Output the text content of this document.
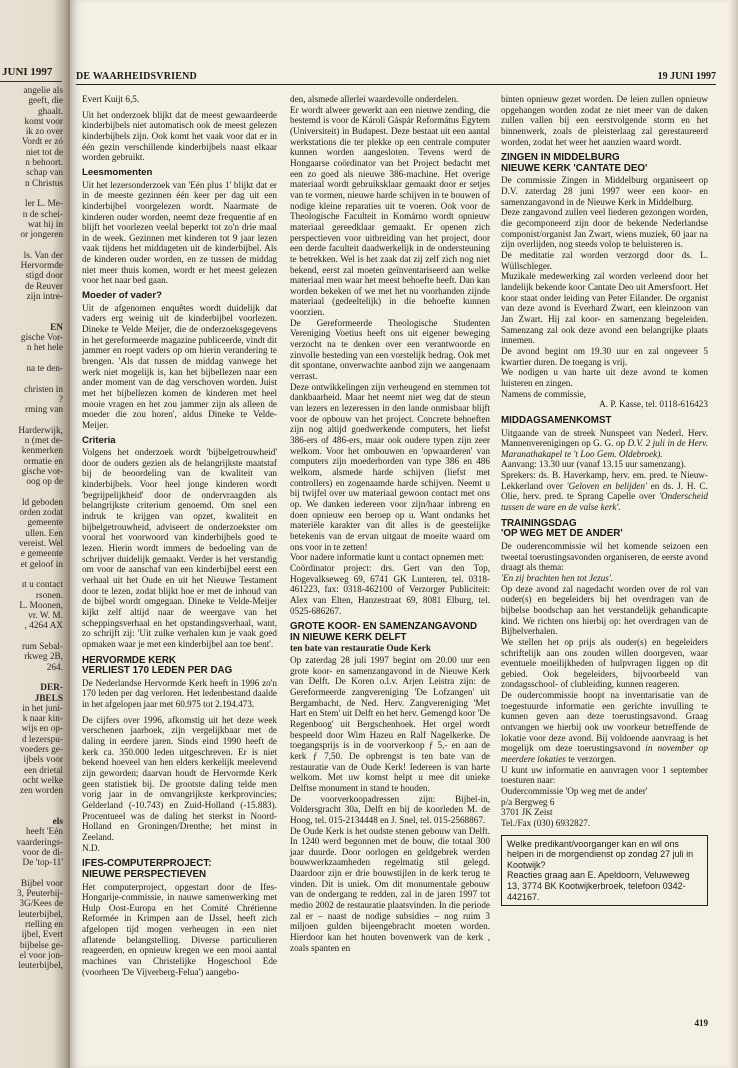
JUNI 1997
angelie als
geeft, die
ghaalt.
komt voor
ik zo over
Vordt er zó
niet tot de
n behoort.
schap van
n Christus

ler L. Me-
n de schei-
wat hij in
or jongeren

ls. Van der
Hervormde
stigd door
de Reuver
zijn intre-

EN
gische Vor-
n het hele

na te den-

christen in
?
rming van

Harderwijk,
n (met de-
kenmerken
ormatie en
gische vor-
oog op de

ld geboden
orden zodat
gemeente
ullen. Een
vereist. Wel
e gemeente
et geloof in

ıt u contact
rsonen.
L. Moonen,
vr. W. M.
, 4264 AX

rum Sebal-
rkweg 2B,
264.

DER-
JBELS
in het juni-
k naar kin-
wijs en op-
d lezerspu-
voeders ge-
ijbels voor
een drietal
ocht welke
zen worden

els
heeft 'Eén
vaarderings-
voor de di-
De 'top-11'

Bijbel voor
3, Peuterbij-
3G/Kees de
leuterbijbel,
rtelling en
ijbel, Evert
bijbelse ge-
el voor jon-
leuterbijbel,
DE WAARHEIDSVRIEND	19 JUNI 1997

Evert Kuijt 6,5.

Uit het onderzoek blijkt dat de meest gewaardeerde kinderbijbels niet automatisch ook de meest gelezen kinderbijbels zijn. Ook komt het vaak voor dat er in één gezin verschillende kinderbijbels naast elkaar worden gebruikt.

Leesmomenten

Uit het lezersonderzoek van 'Eén plus 1' blijkt dat er in de meeste gezinnen één keer per dag uit een kinderbijbel voorgelezen wordt. Naarmate de kinderen ouder worden, neemt deze frequentie af en blijft het voorlezen veelal beperkt tot zo'n drie maal in de week. Gezinnen met kinderen tot 9 jaar lezen vaak tijdens het middageten uit de kinderbijbel. Als de kinderen ouder worden, en ze tussen de middag niet meer thuis komen, wordt er het meest gelezen voor het naar bed gaan.

Moeder of vader?

Uit de afgenomen enquêtes wordt duidelijk dat vaders erg weinig uit de kinderbijbel voorlezen. Dineke te Velde Meijer, die de onderzoeksgegevens in het gereformeerde magazine publiceerde, vindt dit jammer en roept vaders op om hierin verandering te brengen. 'Als dat tussen de middag vanwege het werk niet mogelijk is, kan het bijbellezen naar een ander moment van de dag verschoven worden. Juist met het bijbellezen komen de kinderen met heel mooie vragen en het zou jammer zijn als alleen de moeder die zou horen', aldus Dineke te Velde-Meijer.

Criteria

Volgens het onderzoek wordt 'bijbelgetrouwheid' door de ouders gezien als de belangrijkste maatstaf bij de beoordeling van de kwaliteit van kinderbijbels. Voor heel jonge kinderen wordt 'begrijpelijkheid' door de ondervraagden als belangrijkste criterium genoemd. Om snel een indruk te krijgen van opzet, kwaliteit en bijbelgetrouwheid, adviseert de onderzoekster om vooral het voorwoord van kinderbijbels goed te lezen. Hierin wordt immers de bedoeling van de schrijver duidelijk gemaakt. Verder is het verstandig om voor de aanschaf van een kinderbijbel eerst een verhaal uit het Oude en uit het Nieuwe Testament door te lezen, zodat blijkt hoe er met de inhoud van de bijbel wordt omgegaan. Dineke te Velde-Meijer kijkt zelf altijd naar de weergave van het scheppingsverhaal en het opstandingsverhaal, want, zo schrijft zij: 'Uit zulke verhalen kun je vaak goed opmaken waar je met een kinderbijbel aan toe bent'.

HERVORMDE KERK
VERLIEST 170 LEDEN PER DAG

De Nederlandse Hervormde Kerk heeft in 1996 zo'n 170 leden per dag verloren. Het ledenbestand daalde in het afgelopen jaar met 60.975 tot 2.194.473.

De cijfers over 1996, afkomstig uit het deze week verschenen jaarboek, zijn vergelijkbaar met de daling in eerdere jaren. Sinds eind 1990 heeft de kerk ca. 350.000 leden uitgeschreven. Er is niet bekend hoeveel van hen elders kerkelijk meelevend zijn geworden; daarvan houdt de Hervormde Kerk geen statistiek bij. De grootste daling telde men vorig jaar in de omvangrijkste kerkprovincies; Gelderland (-10.743) en Zuid-Holland (-15.883). Procentueel was de daling het sterkst in Noord-Holland en Groningen/Drenthe; het minst in Zeeland.

N.D.

IFES-COMPUTERPROJECT:
NIEUWE PERSPECTIEVEN

Het computerproject, opgestart door de Ifes-Hongarije-commissie, in nauwe samenwerking met Hulp Oost-Europa en het Comité Chrétienne Reformée in Krimpen aan de IJssel, heeft zich afgelopen tijd mogen verheugen in een niet aflatende belangstelling. Diverse particulieren reageerden, en opnieuw kregen we een mooi aantal machines van Christelijke Hogeschool Ede (voorheen 'De Vijverberg-Felua') aangebo-

den, alsmede allerlei waardevolle onderdelen.

Er wordt alweer gewerkt aan een nieuwe zending, die bestemd is voor de Károli Gáspár Református Egytem (Universiteit) in Budapest. Deze bestaat uit een aantal werkstations die ter plekke op een centrale computer kunnen worden aangesloten. Tevens werd de Hongaarse coördinator van het Project bedacht met een zo goed als nieuwe 386-machine. Het overige materiaal wordt gebruiksklaar gemaakt door er setjes van te vormen, nieuwe harde schijven in te bouwen of nodige kleine reparaties uit te voeren. Ook voor de Theologische Faculteit in Komárno wordt opnieuw materiaal gereedklaar gemaakt. Er openen zich perspectieven voor uitbreiding van het project, door een derde faculteit daadwerkelijk in de ondersteuning te betrekken. Wel is het zaak dat zij zelf zich nog niet bekend, eerst zal moeten geïnventariseerd aan welke materiaal men waar het meest behoefte heeft. Dan kan worden bekeken of we met het nu voorhanden zijnde materiaal (gedeeltelijk) in die behoefte kunnen voorzien.

De Gereformeerde Theologische Studenten Vereniging Voetius heeft ons uit eigener beweging verzocht na te denken over een verantwoorde en zinvolle besteding van een vorstelijk bedrag. Ook met dit spontane, onverwachte aanbod zijn we aangenaam verrast.

Deze ontwikkelingen zijn verheugend en stemmen tot dankbaarheid. Maar het neemt niet weg dat de steun van lezers en lezeressen in den lande onmisbaar blijft voor de opbouw van het project. Concrete behoeften zijn nog altijd goedwerkende computers, het liefst 386-ers of 486-ers, maar ook oudere typen zijn zeer welkom. Voor het ombouwen en 'opwaarderen' van computers zijn moederborden van type 386 en 486 welkom, alsmede harde schijven (liefst met controllers) en zogenaamde harde schijven. Neemt u bij twijfel over uw materiaal gewoon contact met ons op. We danken iedereen voor zijn/haar inbreng en doen opnieuw een beroep op u. Want ondanks het materiële karakter van dit alles is de geestelijke betekenis van de ervan uitgaat de moeite waard om ons voor in te zetten!

Voor nadere informatie kunt u contact opnemen met:

Coördinator project: drs. Gert van den Top, Hogevalkseweg 69, 6741 GK Lunteren, tel. 0318-461223, fax: 0318-462100 of Verzorger Publiciteit: Alex van Elten, Hanzestraat 69, 8081 Elburg, tel. 0525-686267.

GROTE KOOR- EN SAMENZANGAVOND
IN NIEUWE KERK DELFT

ten bate van restauratie Oude Kerk

Op zaterdag 28 juli 1997 begint om 20.00 uur een grote koor- en samenzangavond in de Nieuwe Kerk van Delft. De Koren o.l.v. Arjen Leistra zijn: de Gereformeerde zangvereniging 'De Lofzangen' uit Bergambacht, de Ned. Herv. Zangvereniging 'Met Hart en Stem' uit Delft en het herv. Gemengd koor 'De Regenboog' uit Bergschenhoek. Het orgel wordt bespeeld door Wim Hazeu en Ralf Nagelkerke. De toegangsprijs is in de voorverkoop ƒ 5,- en aan de kerk ƒ 7,50. De opbrengst is ten bate van de restauratie van de Oude Kerk! Iedereen is van harte welkom. Met uw komst helpt u mee dit unieke Delftse monument in stand te houden.

De voorverkoopadressen zijn: Bijbel-in, Voldersgracht 30a, Delft en bij de koorleden M. de Hoog, tel. 015-2134448 en J. Snel, tel. 015-2568867.

De Oude Kerk is het oudste stenen gebouw van Delft. In 1240 werd begonnen met de bouw, die totaal 300 jaar duurde. Door oorlogen en geldgebrek werden bouwwerkzaamheden regelmatig stil gelegd. Daardoor zijn er drie bouwstijlen in de kerk terug te vinden. Dit is uniek. Om dit monumentale gebouw van de ondergang te redden, zal in de jaren 1997 tot medio 2002 de restauratie plaatsvinden. In die periode zal er – naast de nodige subsidies – nog ruim 3 miljoen gulden bijeengebracht moeten worden. Hierdoor kan het houten bovenwerk van de kerk , zoals spanten en

binten opnieuw gezet worden. De leien zullen opnieuw opgehangen worden zodat ze niet meer van de daken zullen vallen bij een eerstvolgende storm en het binnenwerk, zoals de pleisterlaag zal gerestaureerd worden, zodat het weer het aanzien waard wordt.

ZINGEN IN MIDDELBURG
NIEUWE KERK 'CANTATE DEO'

De commissie Zingen in Middelburg organiseert op D.V. zaterdag 28 juni 1997 weer een koor- en samenzangavond in de Nieuwe Kerk in Middelburg.

Deze zangavond zullen veel liederen gezongen worden, die gecomponeerd zijn door de bekende Nederlandse componist/organist Jan Zwart, wiens muziek, 60 jaar na zijn overlijden, nog steeds volop te beluisteren is.

De meditatie zal worden verzorgd door ds. L. Wüllschleger.

Muzikale medewerking zal worden verleend door het landelijk bekende koor Cantate Deo uit Amersfoort. Het koor staat onder leiding van Peter Eilander. De organist van deze avond is Everhard Zwart, een kleinzoon van Jan Zwart. Hij zal koor- en samenzang begeleiden. Samenzang zal ook deze avond een belangrijke plaats innemen.

De avond begint om 19.30 uur en zal ongeveer 5 kwartier duren. De toegang is vrij.

We nodigen u van harte uit deze avond te komen luisteren en zingen.

Namens de commissie,

A. P. Kasse, tel. 0118-616423

MIDDAGSAMENKOMST

Uitgaande van de streek Nunspeet van Nederl. Herv. Mannenverenigingen op G. G. op D.V. 2 juli in de Herv. Maranathakapel te 't Loo Gem. Oldebroek).

Aanvang: 13.30 uur (vanaf 13.15 uur samenzang).

Sprekers: ds. B. Haverkamp, herv. em. pred. te Nieuw-Lekkerland over 'Geloven en belijden' en ds. J. H. C. Olie, herv. pred. te Sprang Capelle over 'Onderscheid tussen de ware en de valse kerk'.

TRAININGSDAG
'OP WEG MET DE ANDER'

De ouderencommissie wil het komende seizoen een tweetal toerustingsavonden organiseren, de eerste avond draagt als thema:

'En zij brachten hen tot Jezus'.

Op deze avond zal nagedacht worden over de rol van ouder(s) en begeleiders bij het overdragen van de bijbelse boodschap aan het verstandelijk gehandicapte kind. We richten ons hierbij op: het overdragen van de Bijbelverhalen.

We stellen het op prijs als ouder(s) en begeleiders schriftelijk aan ons zouden willen doorgeven, waar eventuele moeilijkheden of hulpvragen liggen op dit gebied. Ook begeleiders, bijvoorbeeld van zondagsschool- of clubleiding, kunnen reageren.

De oudercommissie hoopt na inventarisatie van de toegestuurde informatie een gerichte invulling te kunnen geven aan deze toerustingsavond. Graag ontvangen we hierbij ook uw voorkeur betreffende de lokatie voor deze avond. Bij voldoende aanvraag is het mogelijk om deze toerustingsavond in november op meerdere lokaties te verzorgen.

U kunt uw informatie en aanvragen voor 1 september toesturen naar:

Oudercommissie 'Op weg met de ander'

p/a Bergweg 6

3701 JK Zeist

Tel./Fax (030) 6932827.

Welke predikant/voorganger kan en wil ons helpen in de morgendienst op zondag 27 juli in Kootwijk?

Reacties graag aan E. Apeldoorn, Veluweweg 13, 3774 BK Kootwijkerbroek, telefoon 0342-442167.

419
